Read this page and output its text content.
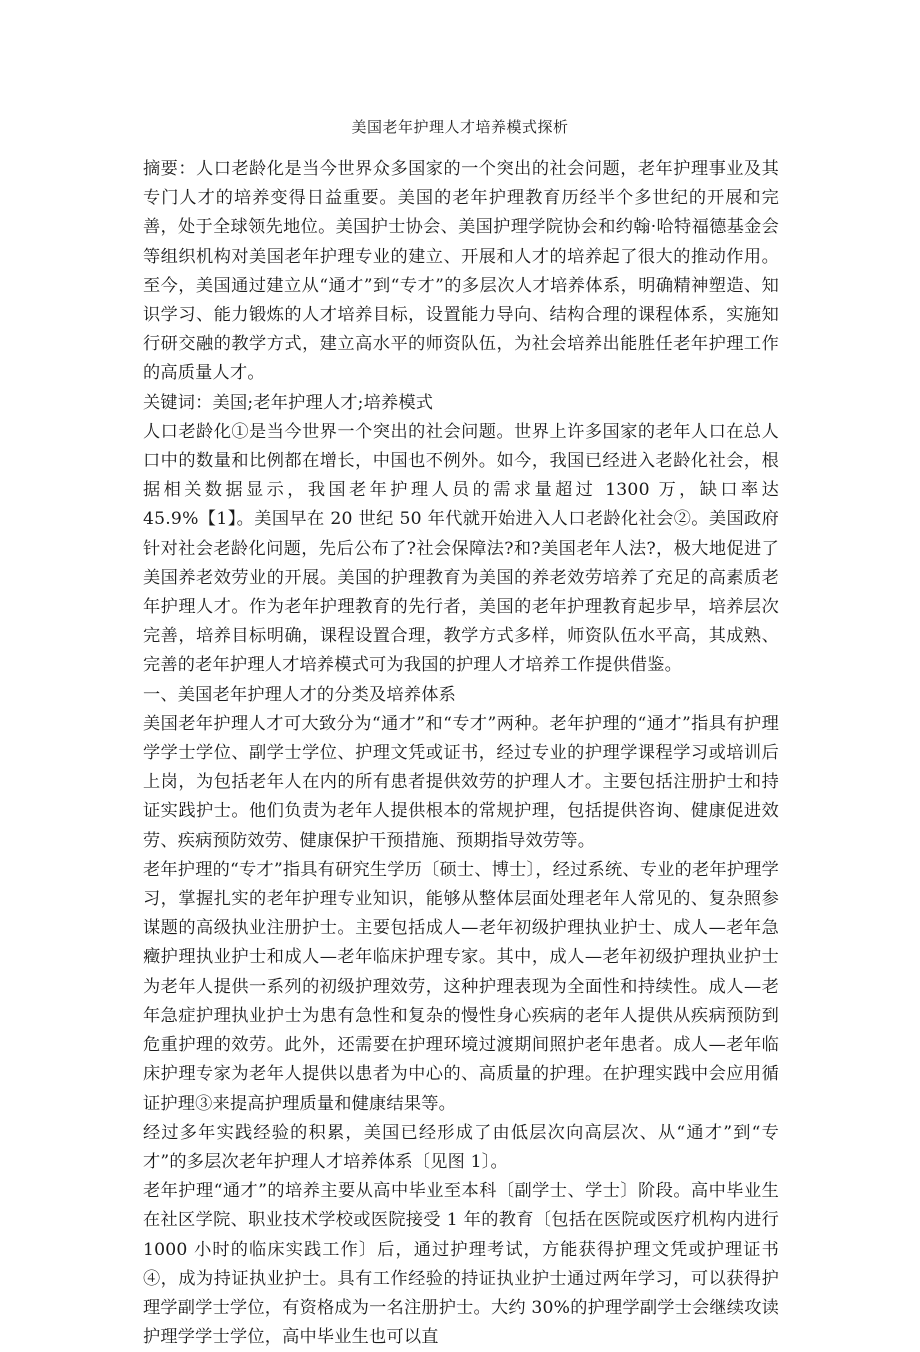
美国老年护理人才培养模式探析

摘要：人口老龄化是当今世界众多国家的一个突出的社会问题，老年护理事业及其专门人才的培养变得日益重要。美国的老年护理教育历经半个多世纪的开展和完善，处于全球领先地位。美国护士协会、美国护理学院协会和约翰·哈特福德基金会等组织机构对美国老年护理专业的建立、开展和人才的培养起了很大的推动作用。至今，美国通过建立从“通才”到“专才”的多层次人才培养体系，明确精神塑造、知识学习、能力锻炼的人才培养目标，设置能力导向、结构合理的课程体系，实施知行研交融的教学方式，建立高水平的师资队伍，为社会培养出能胜任老年护理工作的高质量人才。

关键词：美国;老年护理人才;培养模式

人口老龄化①是当今世界一个突出的社会问题。世界上许多国家的老年人口在总人口中的数量和比例都在增长，中国也不例外。如今，我国已经进入老龄化社会，根据相关数据显示，我国老年护理人员的需求量超过 1300 万，缺口率达 45.9%【1】。美国早在 20 世纪 50 年代就开始进入人口老龄化社会②。美国政府针对社会老龄化问题，先后公布了?社会保障法?和?美国老年人法?，极大地促进了美国养老效劳业的开展。美国的护理教育为美国的养老效劳培养了充足的高素质老年护理人才。作为老年护理教育的先行者，美国的老年护理教育起步早，培养层次完善，培养目标明确，课程设置合理，教学方式多样，师资队伍水平高，其成熟、完善的老年护理人才培养模式可为我国的护理人才培养工作提供借鉴。

一、美国老年护理人才的分类及培养体系

美国老年护理人才可大致分为“通才”和“专才”两种。老年护理的“通才”指具有护理学学士学位、副学士学位、护理文凭或证书，经过专业的护理学课程学习或培训后上岗，为包括老年人在内的所有患者提供效劳的护理人才。主要包括注册护士和持证实践护士。他们负责为老年人提供根本的常规护理，包括提供咨询、健康促进效劳、疾病预防效劳、健康保护干预措施、预期指导效劳等。

老年护理的“专才”指具有研究生学历〔硕士、博士〕，经过系统、专业的老年护理学习，掌握扎实的老年护理专业知识，能够从整体层面处理老年人常见的、复杂照参谋题的高级执业注册护士。主要包括成人—老年初级护理执业护士、成人—老年急癥护理执业护士和成人—老年临床护理专家。其中，成人—老年初级护理执业护士为老年人提供一系列的初级护理效劳，这种护理表现为全面性和持续性。成人—老年急症护理执业护士为患有急性和复杂的慢性身心疾病的老年人提供从疾病预防到危重护理的效劳。此外，还需要在护理环境过渡期间照护老年患者。成人—老年临床护理专家为老年人提供以患者为中心的、高质量的护理。在护理实践中会应用循证护理③来提高护理质量和健康结果等。

经过多年实践经验的积累，美国已经形成了由低层次向高层次、从“通才”到“专才”的多层次老年护理人才培养体系〔见图 1〕。

老年护理“通才”的培养主要从高中毕业至本科〔副学士、学士〕阶段。高中毕业生在社区学院、职业技术学校或医院接受 1 年的教育〔包括在医院或医疗机构内进行 1000 小时的临床实践工作〕后，通过护理考试，方能获得护理文凭或护理证书④，成为持证执业护士。具有工作经验的持证执业护士通过两年学习，可以获得护理学副学士学位，有资格成为一名注册护士。大约 30%的护理学副学士会继续攻读护理学学士学位，高中毕业生也可以直
